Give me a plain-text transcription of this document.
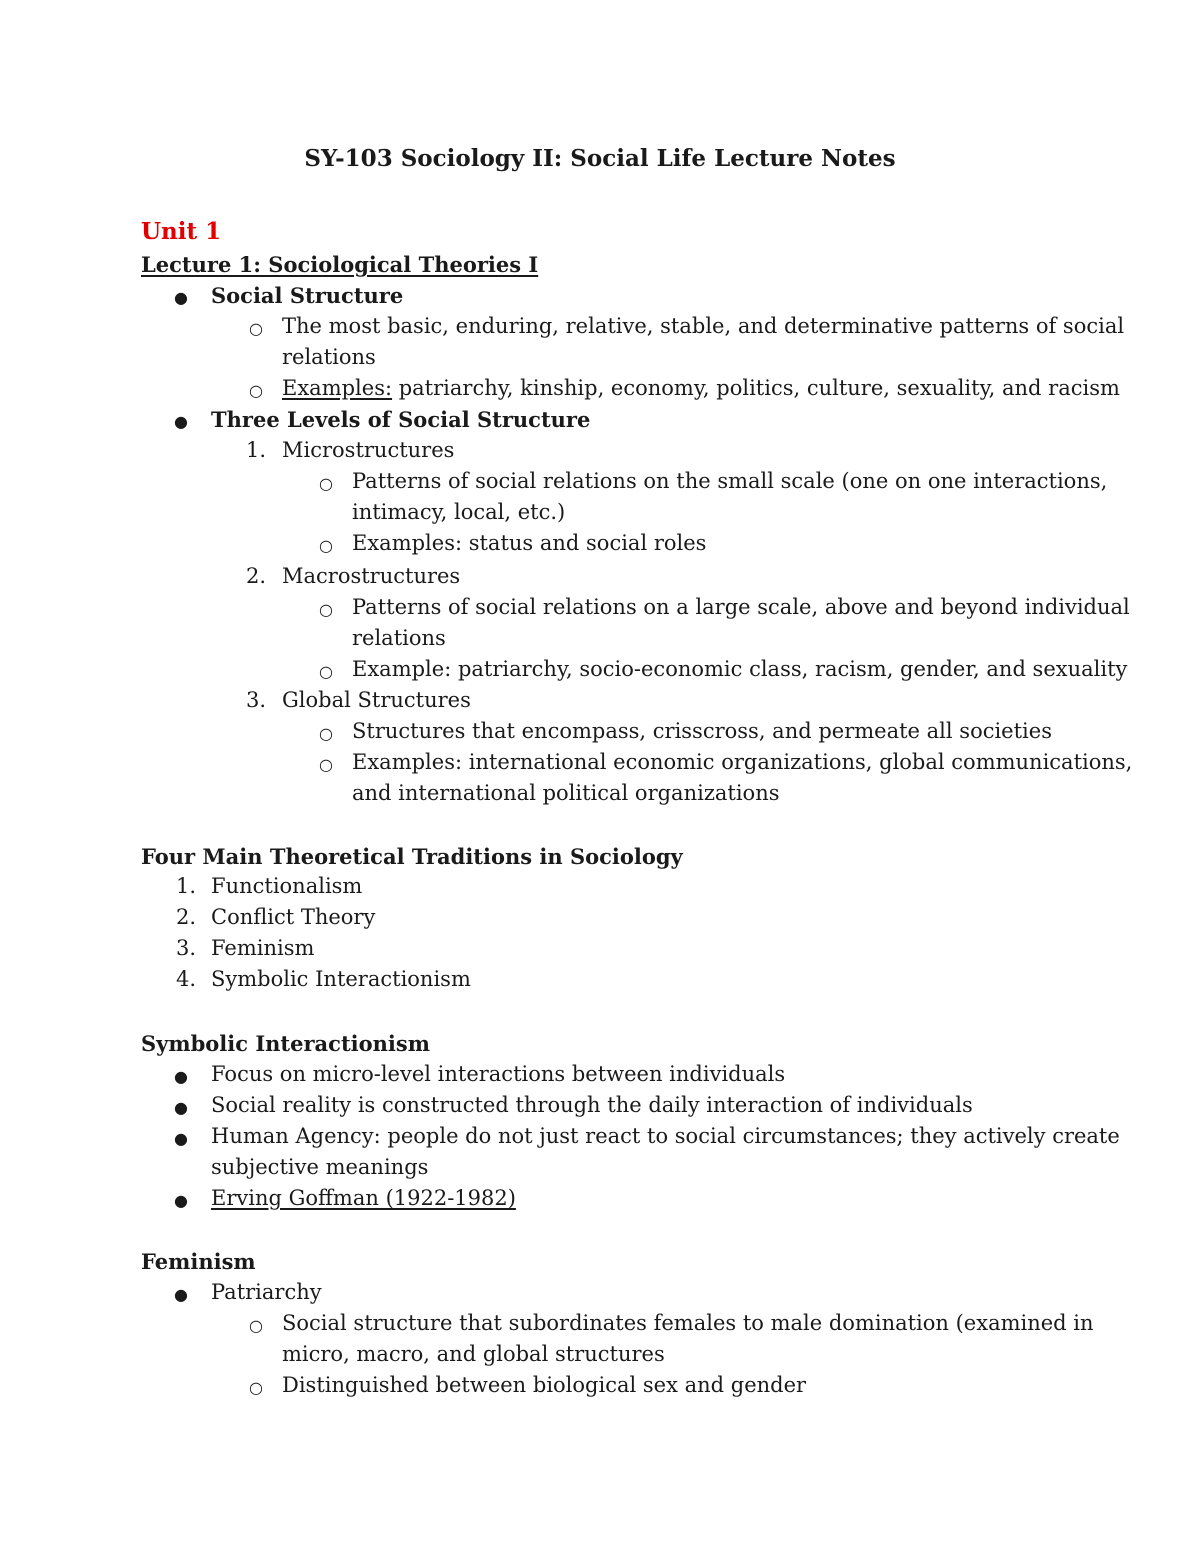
SY-103 Sociology II: Social Life Lecture Notes
Unit 1
Lecture 1: Sociological Theories I
● Social Structure
○ The most basic, enduring, relative, stable, and determinative patterns of social
relations
○ Examples: patriarchy, kinship, economy, politics, culture, sexuality, and racism
● Three Levels of Social Structure
1. Microstructures
○ Patterns of social relations on the small scale (one on one interactions,
intimacy, local, etc.)
○ Examples: status and social roles
2. Macrostructures
○ Patterns of social relations on a large scale, above and beyond individual
relations
○ Example: patriarchy, socio-economic class, racism, gender, and sexuality
3. Global Structures
○ Structures that encompass, crisscross, and permeate all societies
○ Examples: international economic organizations, global communications,
and international political organizations
Four Main Theoretical Traditions in Sociology
1. Functionalism
2. Conflict Theory
3. Feminism
4. Symbolic Interactionism
Symbolic Interactionism
● Focus on micro-level interactions between individuals
● Social reality is constructed through the daily interaction of individuals
● Human Agency: people do not just react to social circumstances; they actively create
subjective meanings
● Erving Goffman (1922-1982)
Feminism
● Patriarchy
○ Social structure that subordinates females to male domination (examined in
micro, macro, and global structures
○ Distinguished between biological sex and gender
